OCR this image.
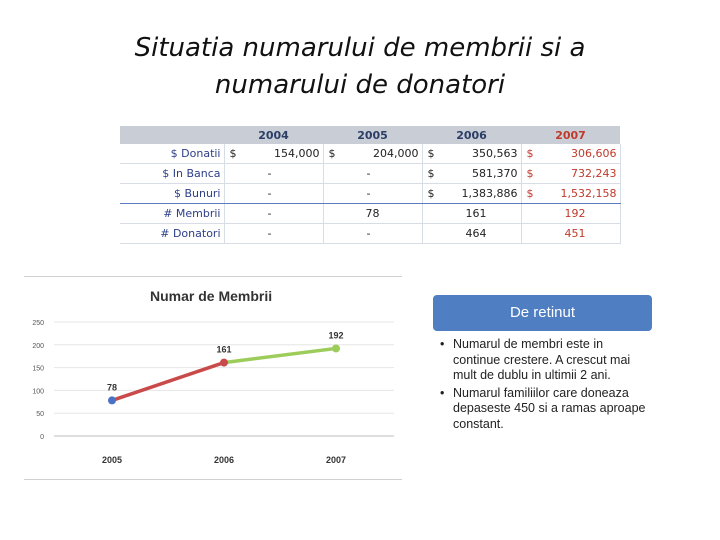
Situatia numarului de membrii si a
numarului de donatori
	2004	2005	2006	2007
$ Donatii	$ 154,000	$ 204,000	$ 350,563	$ 306,606

$ In Banca	-	-	$ 581,370	$ 732,243

$ Bunuri	-	-	$ 1,383,886	$ 1,532,158

# Membrii	-	78	161	192

# Donatori	-	-	464	451
0
50
100
150
200
250
78
2005
161
2006
192
2007
Numar de Membrii
De retinut
• Numarul de membri este in continue crestere. A crescut mai mult de dublu in ultimii 2 ani.
• Numarul familiilor care doneaza depaseste 450 si a ramas aproape constant.
